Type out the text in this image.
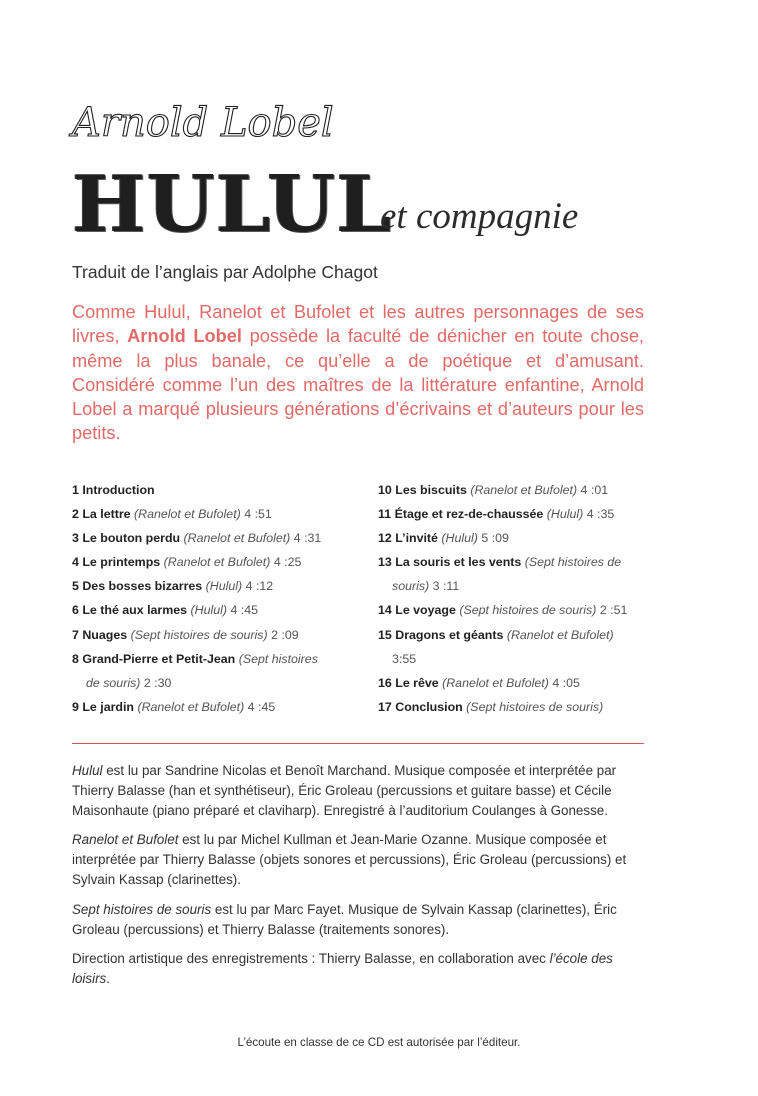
Arnold Lobel
HULUL
et compagnie
Traduit de l’anglais par Adolphe Chagot
Comme Hulul, Ranelot et Bufolet et les autres personnages de ses livres, Arnold Lobel possède la faculté de dénicher en toute chose, même la plus banale, ce qu’elle a de poétique et d’amusant. Considéré comme l’un des maîtres de la littérature enfantine, Arnold Lobel a marqué plusieurs générations d’écrivains et d’auteurs pour les petits.
1 Introduction
2 La lettre (Ranelot et Bufolet) 4 :51
3 Le bouton perdu (Ranelot et Bufolet) 4 :31
4 Le printemps (Ranelot et Bufolet) 4 :25
5 Des bosses bizarres (Hulul) 4 :12
6 Le thé aux larmes (Hulul) 4 :45
7 Nuages (Sept histoires de souris) 2 :09
8 Grand-Pierre et Petit-Jean (Sept histoires
de souris) 2 :30
9 Le jardin (Ranelot et Bufolet) 4 :45
10 Les biscuits (Ranelot et Bufolet) 4 :01
11 Étage et rez-de-chaussée (Hulul) 4 :35
12 L’invité (Hulul) 5 :09
13 La souris et les vents (Sept histoires de
souris) 3 :11
14 Le voyage (Sept histoires de souris) 2 :51
15 Dragons et géants (Ranelot et Bufolet)
3:55
16 Le rêve (Ranelot et Bufolet) 4 :05
17 Conclusion (Sept histoires de souris)

Hulul est lu par Sandrine Nicolas et Benoît Marchand. Musique composée et interprétée par Thierry Balasse (han et synthétiseur), Éric Groleau (percussions et guitare basse) et Cécile Maisonhaute (piano préparé et claviharp). Enregistré à l’auditorium Coulanges à Gonesse.

Ranelot et Bufolet est lu par Michel Kullman et Jean-Marie Ozanne. Musique composée et interprétée par Thierry Balasse (objets sonores et percussions), Éric Groleau (percussions) et Sylvain Kassap (clarinettes).

Sept histoires de souris est lu par Marc Fayet. Musique de Sylvain Kassap (clarinettes), Éric Groleau (percussions) et Thierry Balasse (traitements sonores).

Direction artistique des enregistrements : Thierry Balasse, en collaboration avec l’école des loisirs.

L’écoute en classe de ce CD est autorisée par l’éditeur.
